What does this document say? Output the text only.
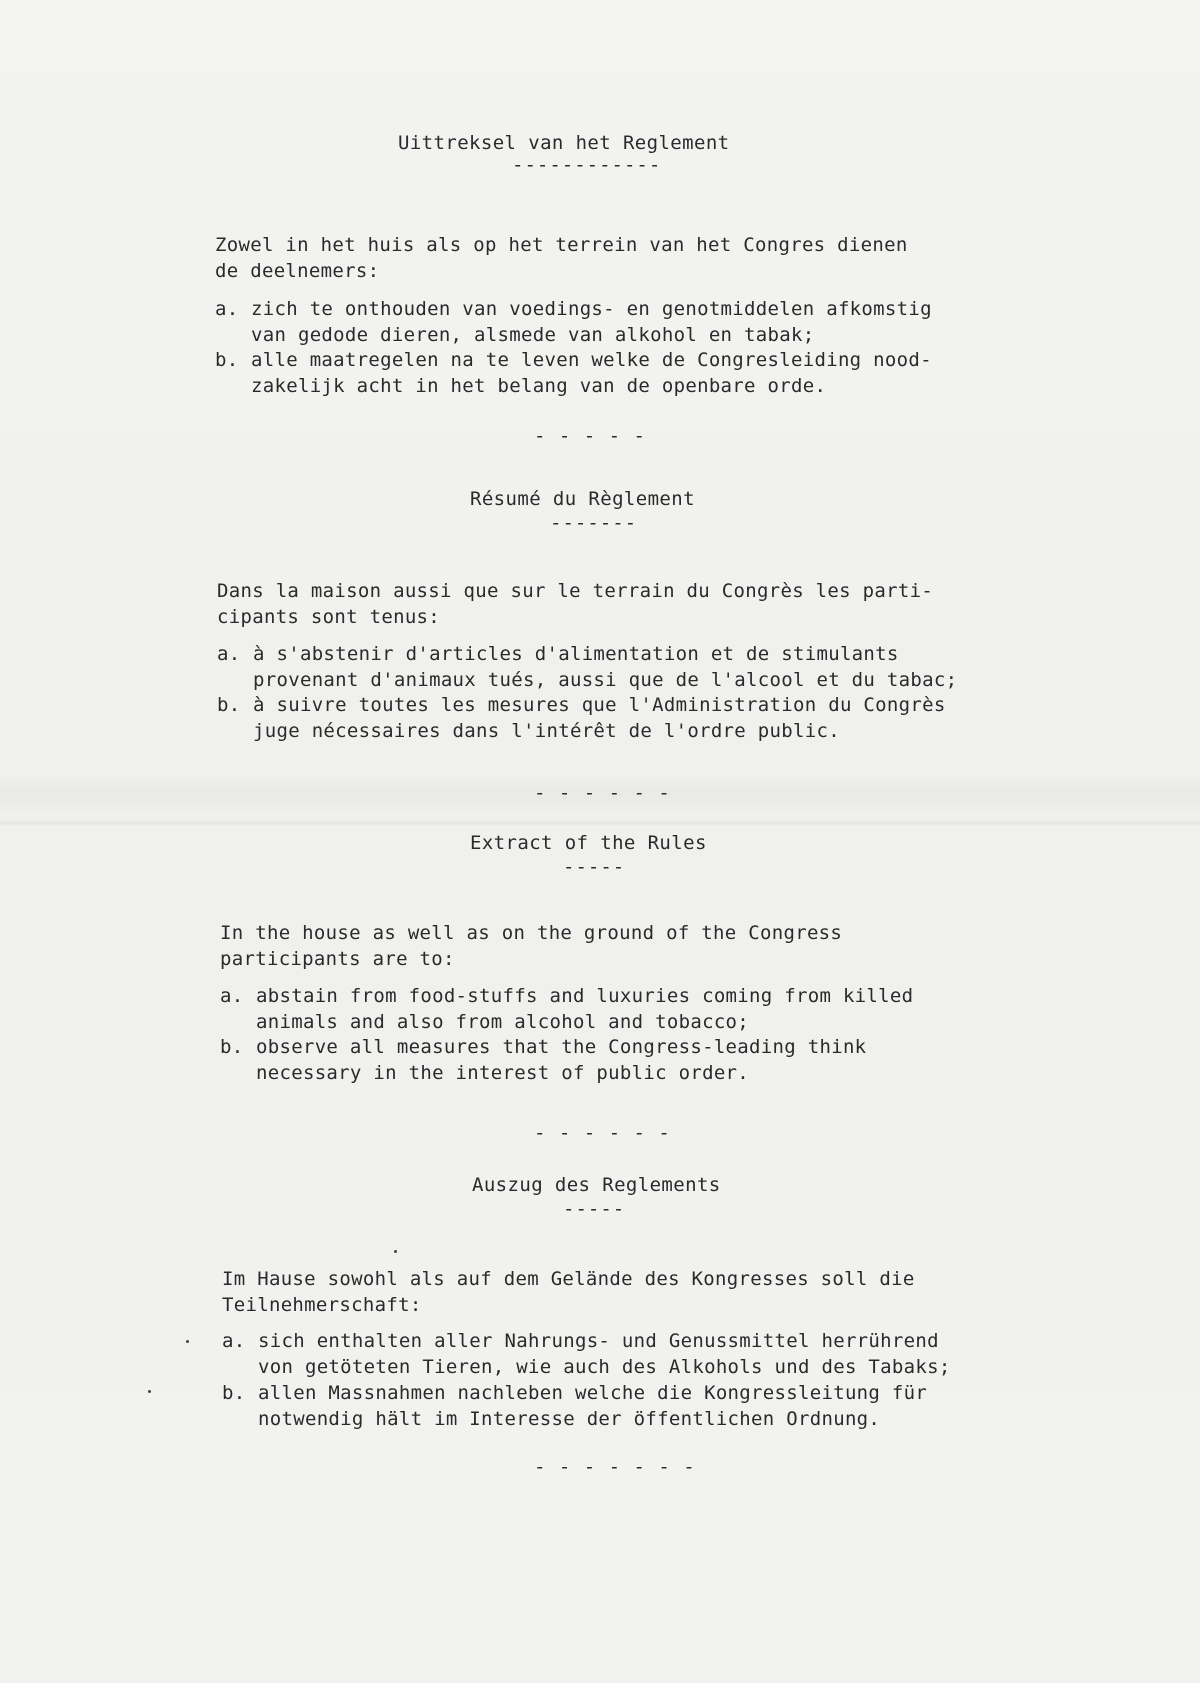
Uittreksel van het Reglement
------------
Zowel in het huis als op het terrein van het Congres dienen
de deelnemers:
a. zich te onthouden van voedings- en genotmiddelen afkomstig
van gedode dieren, alsmede van alkohol en tabak;
b. alle maatregelen na te leven welke de Congresleiding nood-
zakelijk acht in het belang van de openbare orde.
- - - - -
Résumé du Règlement
-------
Dans la maison aussi que sur le terrain du Congrès les parti-
cipants sont tenus:
a. à s'abstenir d'articles d'alimentation et de stimulants
provenant d'animaux tués, aussi que de l'alcool et du tabac;
b. à suivre toutes les mesures que l'Administration du Congrès
juge nécessaires dans l'intérêt de l'ordre public.
- - - - - -
Extract of the Rules
-----
In the house as well as on the ground of the Congress
participants are to:
a. abstain from food-stuffs and luxuries coming from killed
animals and also from alcohol and tobacco;
b. observe all measures that the Congress-leading think
necessary in the interest of public order.
- - - - - -
Auszug des Reglements
-----
Im Hause sowohl als auf dem Gelände des Kongresses soll die
Teilnehmerschaft:
a. sich enthalten aller Nahrungs- und Genussmittel herrührend
von getöteten Tieren, wie auch des Alkohols und des Tabaks;
b. allen Massnahmen nachleben welche die Kongressleitung für
notwendig hält im Interesse der öffentlichen Ordnung.
- - - - - - -
